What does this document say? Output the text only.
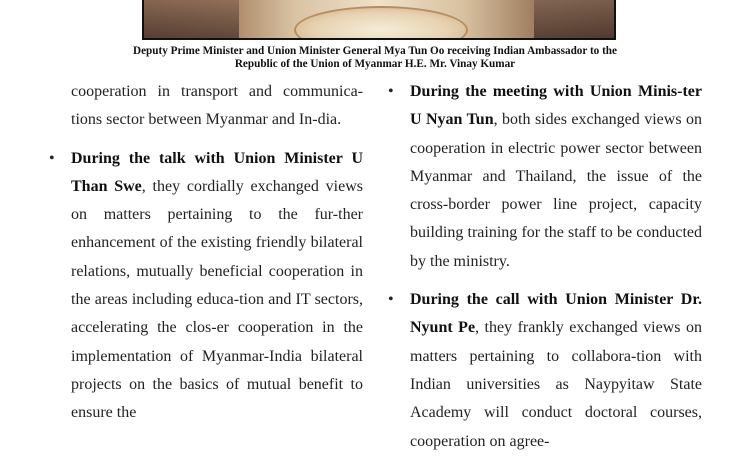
Deputy Prime Minister and Union Minister General Mya Tun Oo receiving Indian Ambassador to the
Republic of the Union of Myanmar H.E. Mr. Vinay Kumar

cooperation in transport and communica-tions sector between Myanmar and In-dia.

• During the talk with Union Minister U Than Swe, they cordially exchanged views on matters pertaining to the fur-ther enhancement of the existing friendly bilateral relations, mutually beneficial cooperation in the areas including educa-tion and IT sectors, accelerating the clos-er cooperation in the implementation of Myanmar-India bilateral projects on the basics of mutual benefit to ensure the

• During the meeting with Union Minis-ter U Nyan Tun, both sides exchanged views on cooperation in electric power sector between Myanmar and Thailand, the issue of the cross-border power line project, capacity building training for the staff to be conducted by the ministry.

• During the call with Union Minister Dr. Nyunt Pe, they frankly exchanged views on matters pertaining to collabora-tion with Indian universities as Naypyitaw State Academy will conduct doctoral courses, cooperation on agree-
